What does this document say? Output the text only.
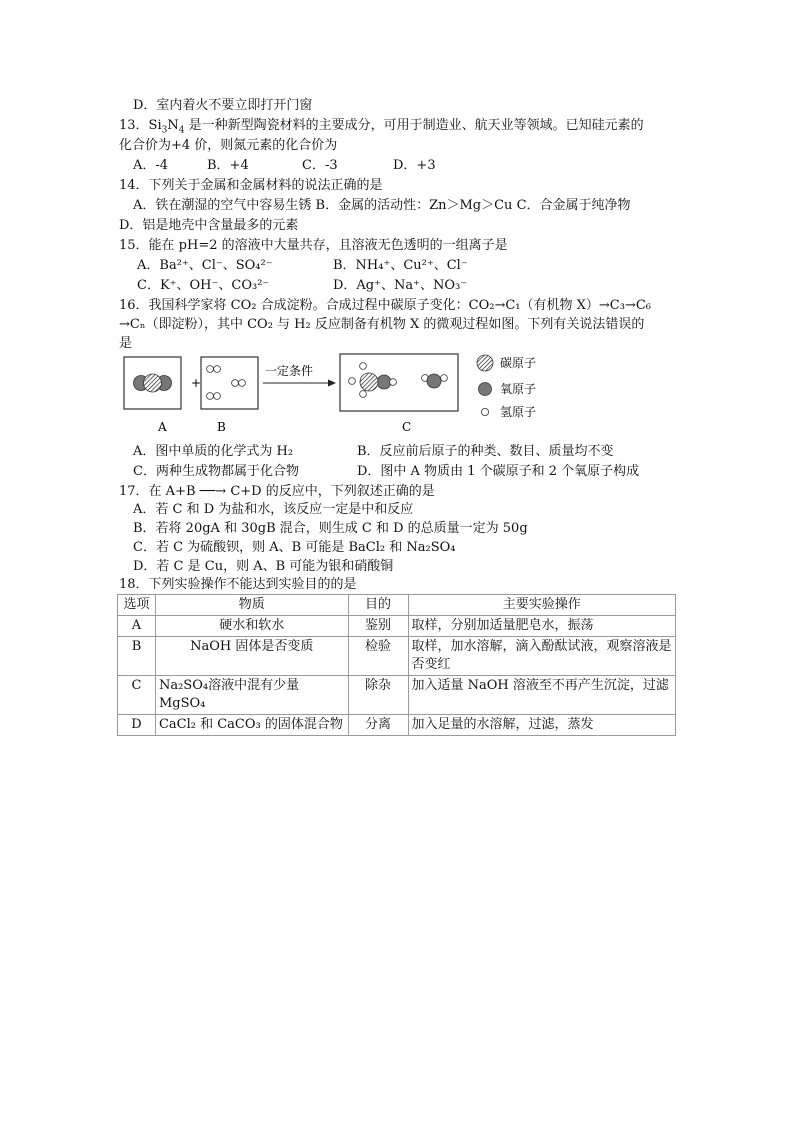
D．室内着火不要立即打开门窗
13．$Si_3N_4$ 是一种新型陶瓷材料的主要成分，可用于制造业、航天业等领域。已知硅元素的
化合价为+4 价，则氮元素的化合价为
A．-4	B．+4	C．-3	D．+3
14．下列关于金属和金属材料的说法正确的是
A．铁在潮湿的空气中容易生锈 B．金属的活动性：Zn＞Mg＞Cu C．合金属于纯净物
D．铝是地壳中含量最多的元素
15．能在 pH=2 的溶液中大量共存，且溶液无色透明的一组离子是
A．Ba²⁺、Cl⁻、SO₄²⁻	B．NH₄⁺、Cu²⁺、Cl⁻
C．K⁺、OH⁻、CO₃²⁻	D．Ag⁺、Na⁺、NO₃⁻
16．我国科学家将 CO₂ 合成淀粉。合成过程中碳原子变化：CO₂→C₁（有机物 X）→C₃→C₆
→Cₙ（即淀粉），其中 CO₂ 与 H₂ 反应制备有机物 X 的微观过程如图。下列有关说法错误的
是
+
一定条件
碳原子
氧原子
氢原子
A	B	C
A．图中单质的化学式为 H₂	B．反应前后原子的种类、数目、质量均不变
C．两种生成物都属于化合物	D．图中 A 物质由 1 个碳原子和 2 个氧原子构成
17．在 A+B ──→ C+D 的反应中，下列叙述正确的是
A．若 C 和 D 为盐和水，该反应一定是中和反应
B．若将 20gA 和 30gB 混合，则生成 C 和 D 的总质量一定为 50g
C．若 C 为硫酸钡，则 A、B 可能是 BaCl₂ 和 Na₂SO₄
D．若 C 是 Cu，则 A、B 可能为银和硝酸铜
18．下列实验操作不能达到实验目的的是
选项	物质	目的	主要实验操作
A	硬水和软水	鉴别	取样，分别加适量肥皂水，振荡
B	NaOH 固体是否变质	检验	取样，加水溶解，滴入酚酞试液，观察溶液是否变红
C	Na₂SO₄溶液中混有少量 MgSO₄	除杂	加入适量 NaOH 溶液至不再产生沉淀，过滤
D	CaCl₂ 和 CaCO₃ 的固体混合物	分离	加入足量的水溶解，过滤，蒸发
